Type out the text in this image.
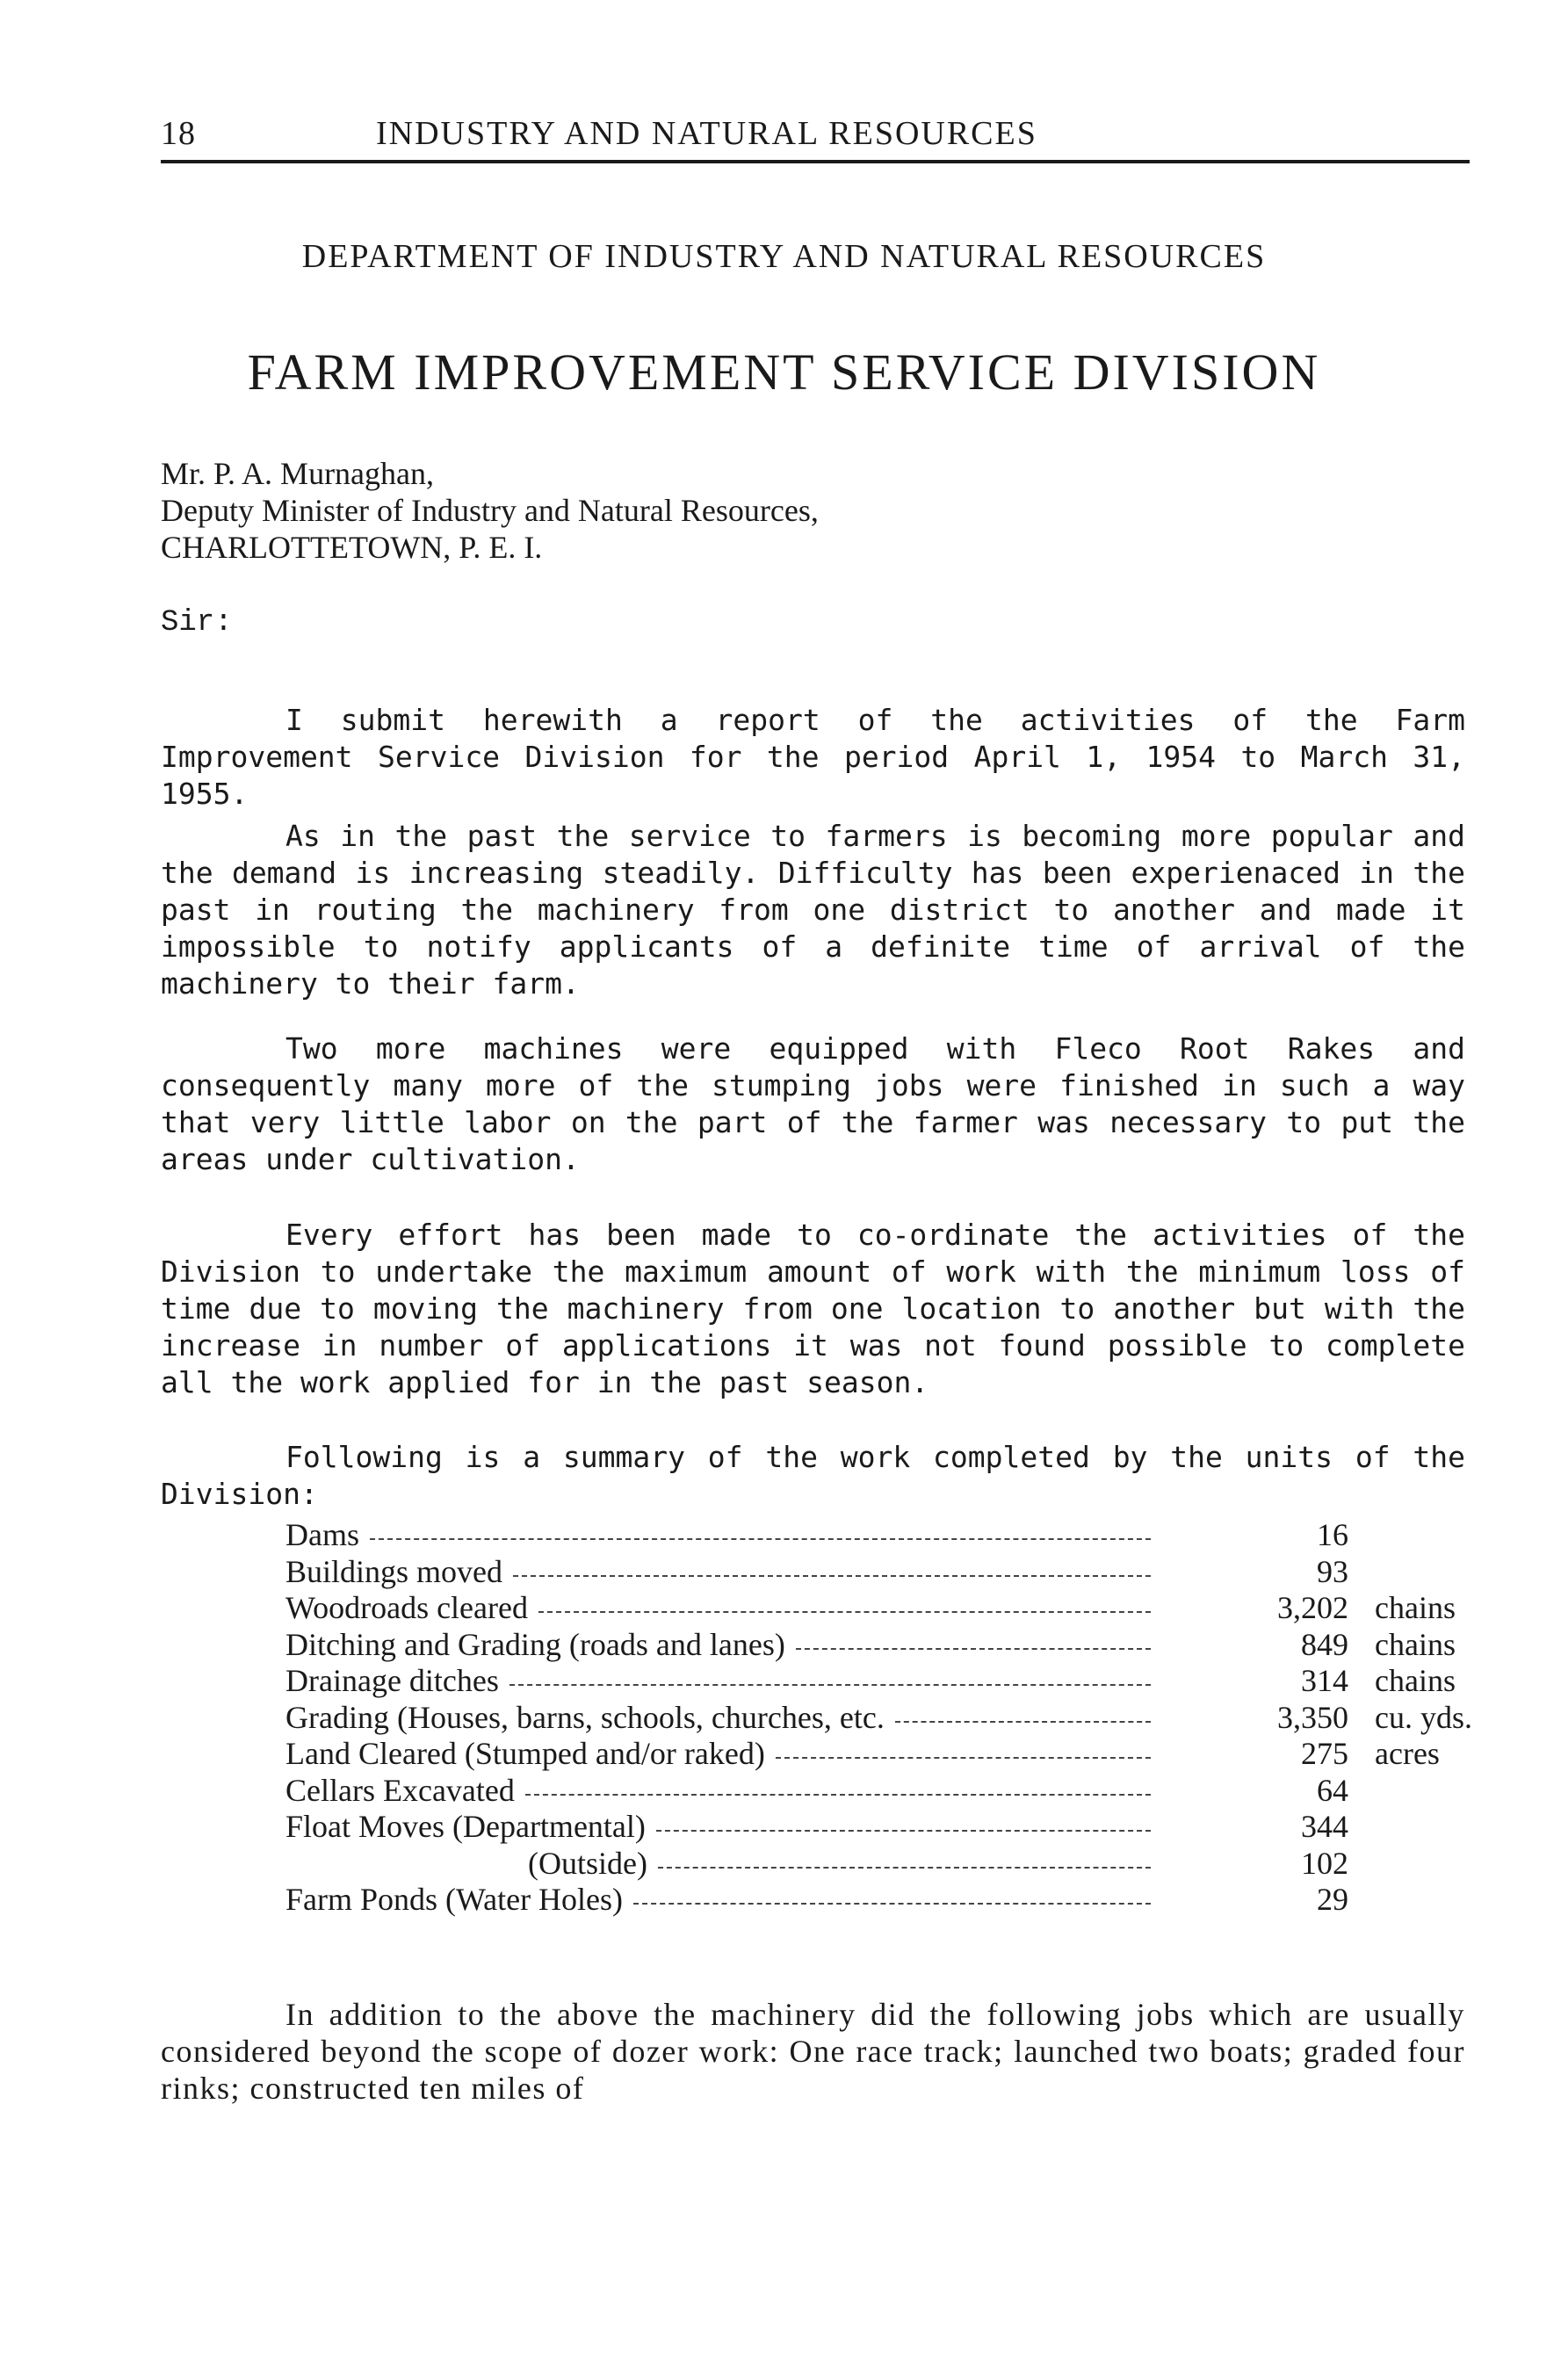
18	INDUSTRY AND NATURAL RESOURCES
DEPARTMENT OF INDUSTRY AND NATURAL RESOURCES
FARM IMPROVEMENT SERVICE DIVISION
Mr. P. A. Murnaghan,
Deputy Minister of Industry and Natural Resources,
CHARLOTTETOWN, P. E. I.
Sir:

I submit herewith a report of the activities of the Farm Improvement Service Division for the period April 1, 1954 to March 31, 1955.

As in the past the service to farmers is becoming more popular and the demand is increasing steadily. Difficulty has been experienaced in the past in routing the machinery from one district to another and made it impossible to notify applicants of a definite time of arrival of the machinery to their farm.

Two more machines were equipped with Fleco Root Rakes and consequently many more of the stumping jobs were finished in such a way that very little labor on the part of the farmer was necessary to put the areas under cultivation.

Every effort has been made to co-ordinate the activities of the Division to undertake the maximum amount of work with the minimum loss of time due to moving the machinery from one location to another but with the increase in number of applications it was not found possible to complete all the work applied for in the past season.

Following is a summary of the work completed by the units of the Division:

Dams	16
Buildings moved	93
Woodroads cleared	3,202 chains
Ditching and Grading (roads and lanes)	849 chains
Drainage ditches	314 chains
Grading (Houses, barns, schools, churches, etc.	3,350 cu. yds.
Land Cleared (Stumped and/or raked)	275 acres
Cellars Excavated	64
Float Moves (Departmental)	344
(Outside)	102
Farm Ponds (Water Holes)	29

In addition to the above the machinery did the following jobs which are usually considered beyond the scope of dozer work: One race track; launched two boats; graded four rinks; constructed ten miles of
